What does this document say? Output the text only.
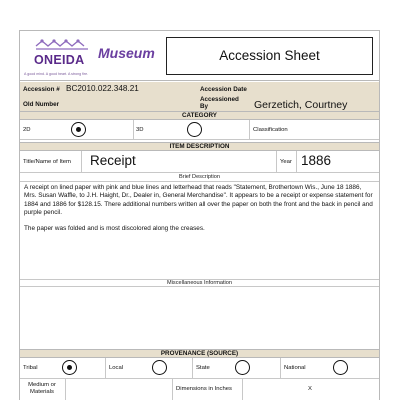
ONEIDA
A good mind. A good heart. A strong fire.
Museum	Accession Sheet
Accession # BC2010.022.348.21	Accession Date
Old Number
Accessioned By	Gerzetich, Courtney
CATEGORY
2D	3D	Classification
ITEM DESCRIPTION
Title/Name of Item Receipt	Year 1886
Brief Description

A receipt on lined paper with pink and blue lines and letterhead that reads "Statement, Brothertown Wis., June 18 1886, Mrs. Susan Waffle, to J.H. Haight, Dr., Dealer in, General Merchandise". It appears to be a receipt or expense statement for 1884 and 1886 for $128.15. There additional numbers written all over the paper on both the front and the back in pencil and purple pencil.

The paper was folded and is most discolored along the creases.

Miscellaneous Information
PROVENANCE (SOURCE)
Tribal	Local	State	National
Medium or Materials	Dimensions in Inches	X
